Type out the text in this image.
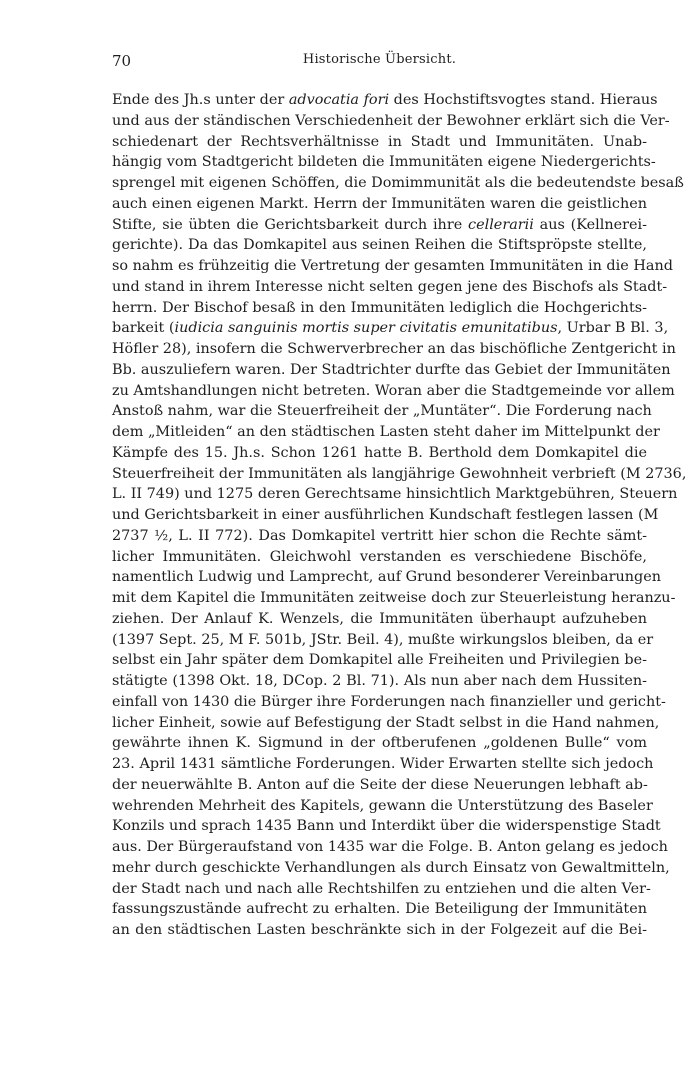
70	Historische Übersicht.
Ende des Jh.s unter der advocatia fori des Hochstiftsvogtes stand. Hieraus
und aus der ständischen Verschiedenheit der Bewohner erklärt sich die Ver-
schiedenart der Rechtsverhältnisse in Stadt und Immunitäten. Unab-
hängig vom Stadtgericht bildeten die Immunitäten eigene Niedergerichts-
sprengel mit eigenen Schöffen, die Domimmunität als die bedeutendste besaß
auch einen eigenen Markt. Herrn der Immunitäten waren die geistlichen
Stifte, sie übten die Gerichtsbarkeit durch ihre cellerarii aus (Kellnerei-
gerichte). Da das Domkapitel aus seinen Reihen die Stiftspröpste stellte,
so nahm es frühzeitig die Vertretung der gesamten Immunitäten in die Hand
und stand in ihrem Interesse nicht selten gegen jene des Bischofs als Stadt-
herrn. Der Bischof besaß in den Immunitäten lediglich die Hochgerichts-
barkeit (iudicia sanguinis mortis super civitatis emunitatibus, Urbar B Bl. 3,
Höfler 28), insofern die Schwerverbrecher an das bischöfliche Zentgericht in
Bb. auszuliefern waren. Der Stadtrichter durfte das Gebiet der Immunitäten
zu Amtshandlungen nicht betreten. Woran aber die Stadtgemeinde vor allem
Anstoß nahm, war die Steuerfreiheit der „Muntäter“. Die Forderung nach
dem „Mitleiden“ an den städtischen Lasten steht daher im Mittelpunkt der
Kämpfe des 15. Jh.s. Schon 1261 hatte B. Berthold dem Domkapitel die
Steuerfreiheit der Immunitäten als langjährige Gewohnheit verbrieft (M 2736,
L. II 749) und 1275 deren Gerechtsame hinsichtlich Marktgebühren, Steuern
und Gerichtsbarkeit in einer ausführlichen Kundschaft festlegen lassen (M
2737 ½, L. II 772). Das Domkapitel vertritt hier schon die Rechte sämt-
licher Immunitäten. Gleichwohl verstanden es verschiedene Bischöfe,
namentlich Ludwig und Lamprecht, auf Grund besonderer Vereinbarungen
mit dem Kapitel die Immunitäten zeitweise doch zur Steuerleistung heranzu-
ziehen. Der Anlauf K. Wenzels, die Immunitäten überhaupt aufzuheben
(1397 Sept. 25, M F. 501b, JStr. Beil. 4), mußte wirkungslos bleiben, da er
selbst ein Jahr später dem Domkapitel alle Freiheiten und Privilegien be-
stätigte (1398 Okt. 18, DCop. 2 Bl. 71). Als nun aber nach dem Hussiten-
einfall von 1430 die Bürger ihre Forderungen nach finanzieller und gericht-
licher Einheit, sowie auf Befestigung der Stadt selbst in die Hand nahmen,
gewährte ihnen K. Sigmund in der oftberufenen „goldenen Bulle“ vom
23. April 1431 sämtliche Forderungen. Wider Erwarten stellte sich jedoch
der neuerwählte B. Anton auf die Seite der diese Neuerungen lebhaft ab-
wehrenden Mehrheit des Kapitels, gewann die Unterstützung des Baseler
Konzils und sprach 1435 Bann und Interdikt über die widerspenstige Stadt
aus. Der Bürgeraufstand von 1435 war die Folge. B. Anton gelang es jedoch
mehr durch geschickte Verhandlungen als durch Einsatz von Gewaltmitteln,
der Stadt nach und nach alle Rechtshilfen zu entziehen und die alten Ver-
fassungszustände aufrecht zu erhalten. Die Beteiligung der Immunitäten
an den städtischen Lasten beschränkte sich in der Folgezeit auf die Bei-
